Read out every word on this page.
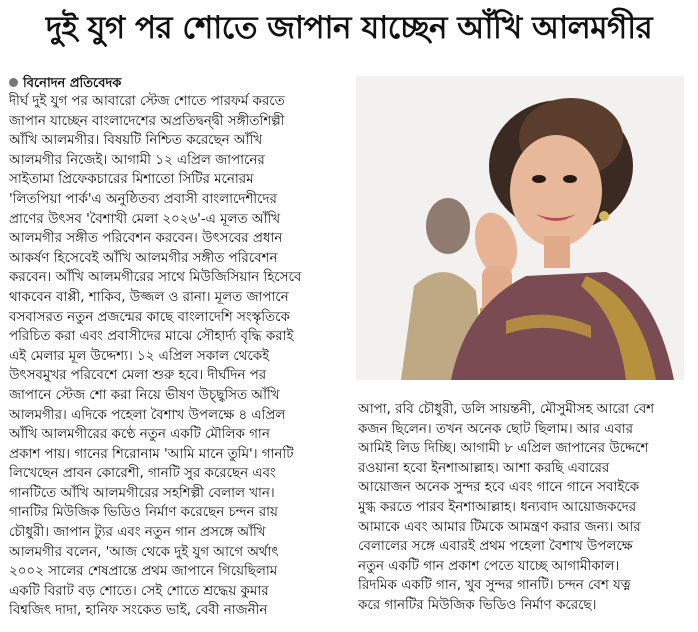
দুই যুগ পর শোতে জাপান যাচ্ছেন আঁখি আলমগীর
বিনোদন প্রতিবেদক
দীর্ঘ দুই যুগ পর আবারো স্টেজ শোতে পারফর্ম করতে
জাপান যাচ্ছেন বাংলাদেশের অপ্রতিদ্বন্দ্বী সঙ্গীতশিল্পী
আঁখি আলমগীর। বিষয়টি নিশ্চিত করেছেন আঁখি
আলমগীর নিজেই। আগামী ১২ এপ্রিল জাপানের
সাইতামা প্রিফেকচারের মিশাতো সিটির মনোরম
'লিতপিয়া পার্ক'এ অনুষ্ঠিতব্য প্রবাসী বাংলাদেশীদের
প্রাণের উৎসব 'বৈশাখী মেলা ২০২৬'-এ মূলত আঁখি
আলমগীর সঙ্গীত পরিবেশন করবেন। উৎসবের প্রধান
আকর্ষণ হিসেবেই আঁখি আলমগীর সঙ্গীত পরিবেশন
করবেন। আঁখি আলমগীরের সাথে মিউজিসিয়ান হিসেবে
থাকবেন বাপ্পী, শাকিব, উজ্জল ও রানা। মূলত জাপানে
বসবাসরত নতুন প্রজন্মের কাছে বাংলাদেশি সংস্কৃতিকে
পরিচিত করা এবং প্রবাসীদের মাঝে সৌহার্দ্য বৃদ্ধি করাই
এই মেলার মূল উদ্দেশ্য। ১২ এপ্রিল সকাল থেকেই
উৎসবমুখর পরিবেশে মেলা শুরু হবে। দীর্ঘদিন পর
জাপানে স্টেজ শো করা নিয়ে ভীষণ উচ্ছ্বসিত আঁখি
আলমগীর। এদিকে পহেলা বৈশাখ উপলক্ষে ৪ এপ্রিল
আঁখি আলমগীরের কণ্ঠে নতুন একটি মৌলিক গান
প্রকাশ পায়। গানের শিরোনাম 'আমি মানে তুমি'। গানটি
লিখেছেন প্রাবন কোরেশী, গানটি সুর করেছেন এবং
গানটিতে আঁখি আলমগীরের সহশিল্পী বেলাল খান।
গানটির মিউজিক ভিডিও নির্মাণ করেছেন চন্দন রায়
চৌধুরী। জাপান ট্যুর এবং নতুন গান প্রসঙ্গে আঁখি
আলমগীর বলেন, 'আজ থেকে দুই যুগ আগে অর্থাৎ
২০০২ সালের শেষপ্রান্তে প্রথম জাপানে গিয়েছিলাম
একটি বিরাট বড় শোতে। সেই শোতে শ্রদ্ধেয় কুমার
বিশ্বজিৎ দাদা, হানিফ সংকেত ভাই, বেবী নাজনীন
আপা, রবি চৌধুরী, ডলি সায়ন্তনী, মৌসুমীসহ আরো বেশ
কজন ছিলেন। তখন অনেক ছোট ছিলাম। আর এবার
আমিই লিড দিচ্ছি। আগামী ৮ এপ্রিল জাপানের উদ্দেশে
রওয়ানা হবো ইনশাআল্লাহ। আশা করছি এবারের
আয়োজন অনেক সুন্দর হবে এবং গানে গানে সবাইকে
মুগ্ধ করতে পারব ইনশাআল্লাহ। ধন্যবাদ আয়োজকদের
আমাকে এবং আমার টিমকে আমন্ত্রণ করার জন্য। আর
বেলালের সঙ্গে এবারই প্রথম পহেলা বৈশাখ উপলক্ষে
নতুন একটি গান প্রকাশ পেতে যাচ্ছে আগামীকাল।
রিদমিক একটি গান, খুব সুন্দর গানটি। চন্দন বেশ যত্ন
করে গানটির মিউজিক ভিডিও নির্মাণ করেছে।
